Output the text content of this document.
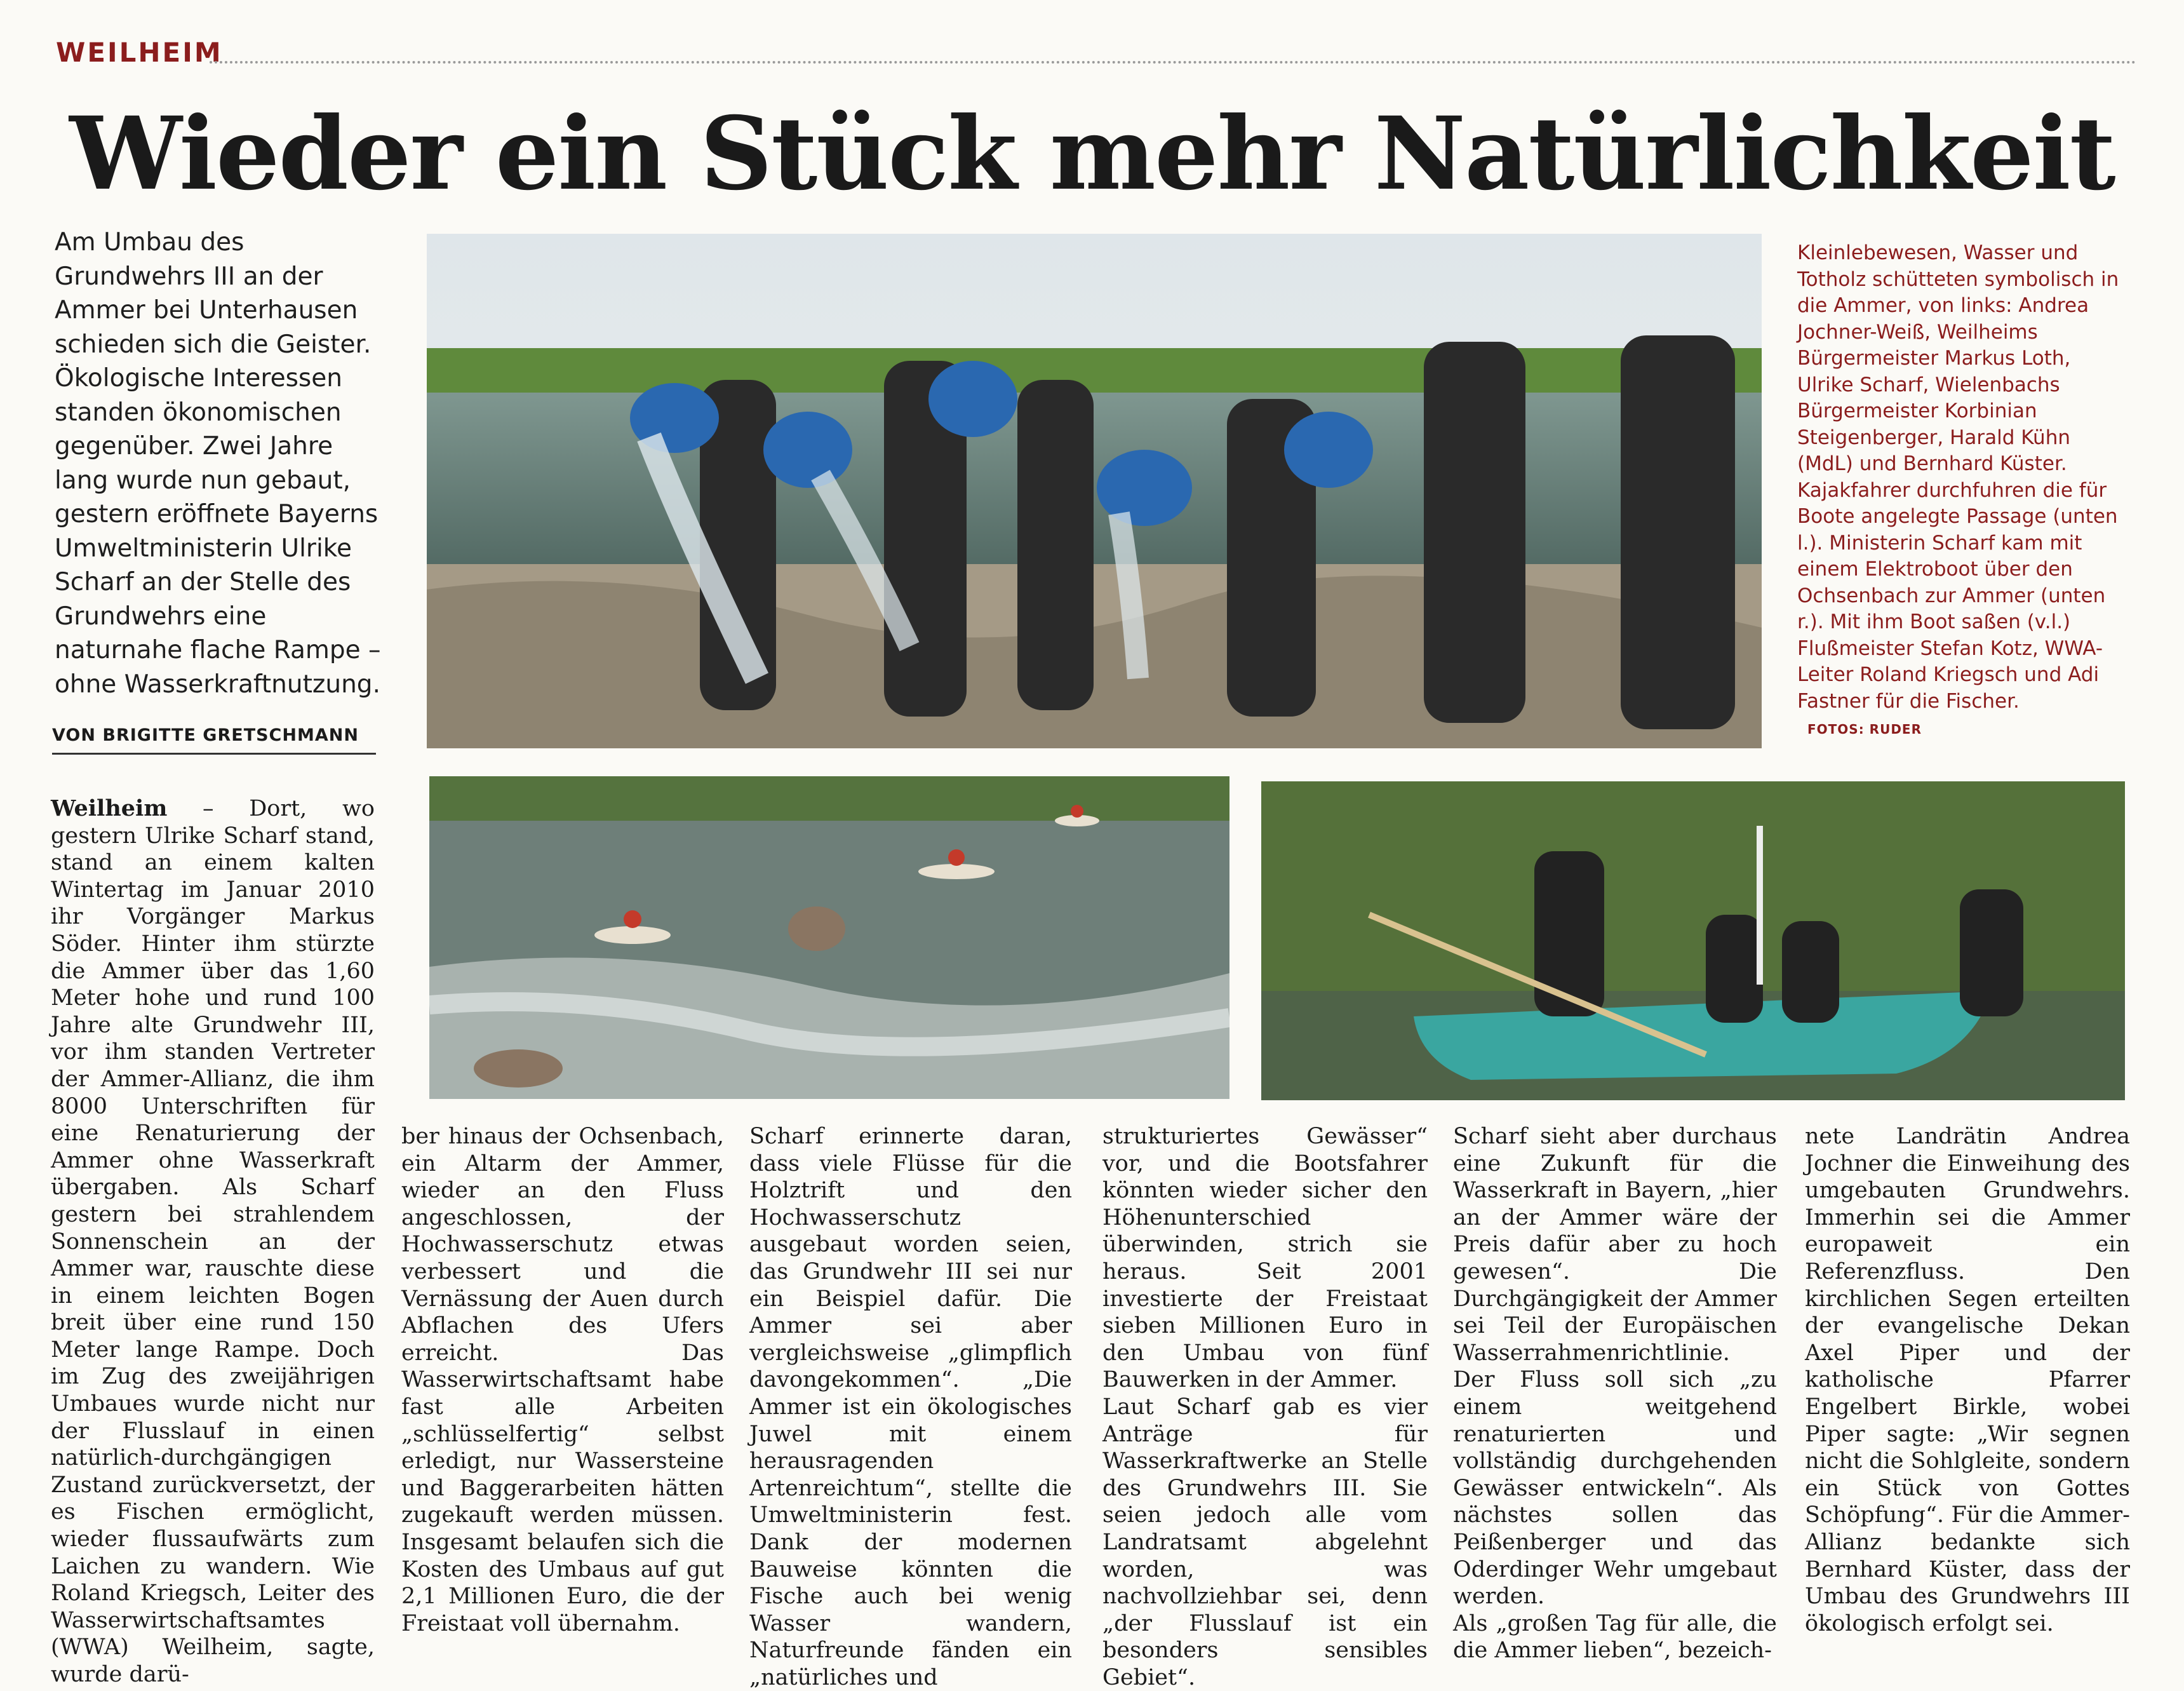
WEILHEIM
Wieder ein Stück mehr Natürlichkeit
Am Umbau des Grundwehrs III an der Ammer bei Unterhausen schieden sich die Geister. Ökologische Interessen standen ökonomischen gegenüber. Zwei Jahre lang wurde nun gebaut, gestern eröffnete Bayerns Umweltministerin Ulrike Scharf an der Stelle des Grundwehrs eine naturnahe flache Rampe – ohne Wasserkraftnutzung.
VON BRIGITTE GRETSCHMANN
Kleinlebewesen, Wasser und Totholz schütteten symbolisch in die Ammer, von links: Andrea Jochner-Weiß, Weilheims Bürgermeister Markus Loth, Ulrike Scharf, Wielenbachs Bürgermeister Korbinian Steigenberger, Harald Kühn (MdL) und Bernhard Küster. Kajakfahrer durchfuhren die für Boote angelegte Passage (unten l.). Ministerin Scharf kam mit einem Elektroboot über den Ochsenbach zur Ammer (unten r.). Mit ihm Boot saßen (v.l.) Flußmeister Stefan Kotz, WWA-Leiter Roland Kriegsch und Adi Fastner für die Fischer. FOTOS: RUDER
Weilheim – Dort, wo gestern Ulrike Scharf stand, stand an einem kalten Wintertag im Januar 2010 ihr Vorgänger Markus Söder. Hinter ihm stürzte die Ammer über das 1,60 Meter hohe und rund 100 Jahre alte Grundwehr III, vor ihm standen Vertreter der Ammer-Allianz, die ihm 8000 Unterschriften für eine Renaturierung der Ammer ohne Wasserkraft übergaben. Als Scharf gestern bei strahlendem Sonnenschein an der Ammer war, rauschte diese in einem leichten Bogen breit über eine rund 150 Meter lange Rampe. Doch im Zug des zweijährigen Umbaues wurde nicht nur der Flusslauf in einen natürlich-durchgängigen Zustand zurückversetzt, der es Fischen ermöglicht, wieder flussaufwärts zum Laichen zu wandern. Wie Roland Kriegsch, Leiter des Wasserwirtschaftsamtes (WWA) Weilheim, sagte, wurde darü-
ber hinaus der Ochsenbach, ein Altarm der Ammer, wieder an den Fluss angeschlossen, der Hochwasserschutz etwas verbessert und die Vernässung der Auen durch Abflachen des Ufers erreicht. Das Wasserwirtschaftsamt habe fast alle Arbeiten „schlüsselfertig“ selbst erledigt, nur Wassersteine und Baggerarbeiten hätten zugekauft werden müssen. Insgesamt belaufen sich die Kosten des Umbaus auf gut 2,1 Millionen Euro, die der Freistaat voll übernahm.
Scharf erinnerte daran, dass viele Flüsse für die Holztrift und den Hochwasserschutz ausgebaut worden seien, das Grundwehr III sei nur ein Beispiel dafür. Die Ammer sei aber vergleichsweise „glimpflich davongekommen“. „Die Ammer ist ein ökologisches Juwel mit einem herausragenden Artenreichtum“, stellte die Umweltministerin fest. Dank der modernen Bauweise könnten die Fische auch bei wenig Wasser wandern, Naturfreunde fänden ein „natürliches und
strukturiertes Gewässer“ vor, und die Bootsfahrer könnten wieder sicher den Höhenunterschied überwinden, strich sie heraus. Seit 2001 investierte der Freistaat sieben Millionen Euro in den Umbau von fünf Bauwerken in der Ammer.
Laut Scharf gab es vier Anträge für Wasserkraftwerke an Stelle des Grundwehrs III. Sie seien jedoch alle vom Landratsamt abgelehnt worden, was nachvollziehbar sei, denn „der Flusslauf ist ein besonders sensibles Gebiet“.
Scharf sieht aber durchaus eine Zukunft für die Wasserkraft in Bayern, „hier an der Ammer wäre der Preis dafür aber zu hoch gewesen“. Die Durchgängigkeit der Ammer sei Teil der Europäischen Wasserrahmenrichtlinie. Der Fluss soll sich „zu einem weitgehend renaturierten und vollständig durchgehenden Gewässer entwickeln“. Als nächstes sollen das Peißenberger und das Oderdinger Wehr umgebaut werden.
Als „großen Tag für alle, die die Ammer lieben“, bezeich-
nete Landrätin Andrea Jochner die Einweihung des umgebauten Grundwehrs. Immerhin sei die Ammer europaweit ein Referenzfluss. Den kirchlichen Segen erteilten der evangelische Dekan Axel Piper und der katholische Pfarrer Engelbert Birkle, wobei Piper sagte: „Wir segnen nicht die Sohlgleite, sondern ein Stück von Gottes Schöpfung“. Für die Ammer-Allianz bedankte sich Bernhard Küster, dass der Umbau des Grundwehrs III ökologisch erfolgt sei.
